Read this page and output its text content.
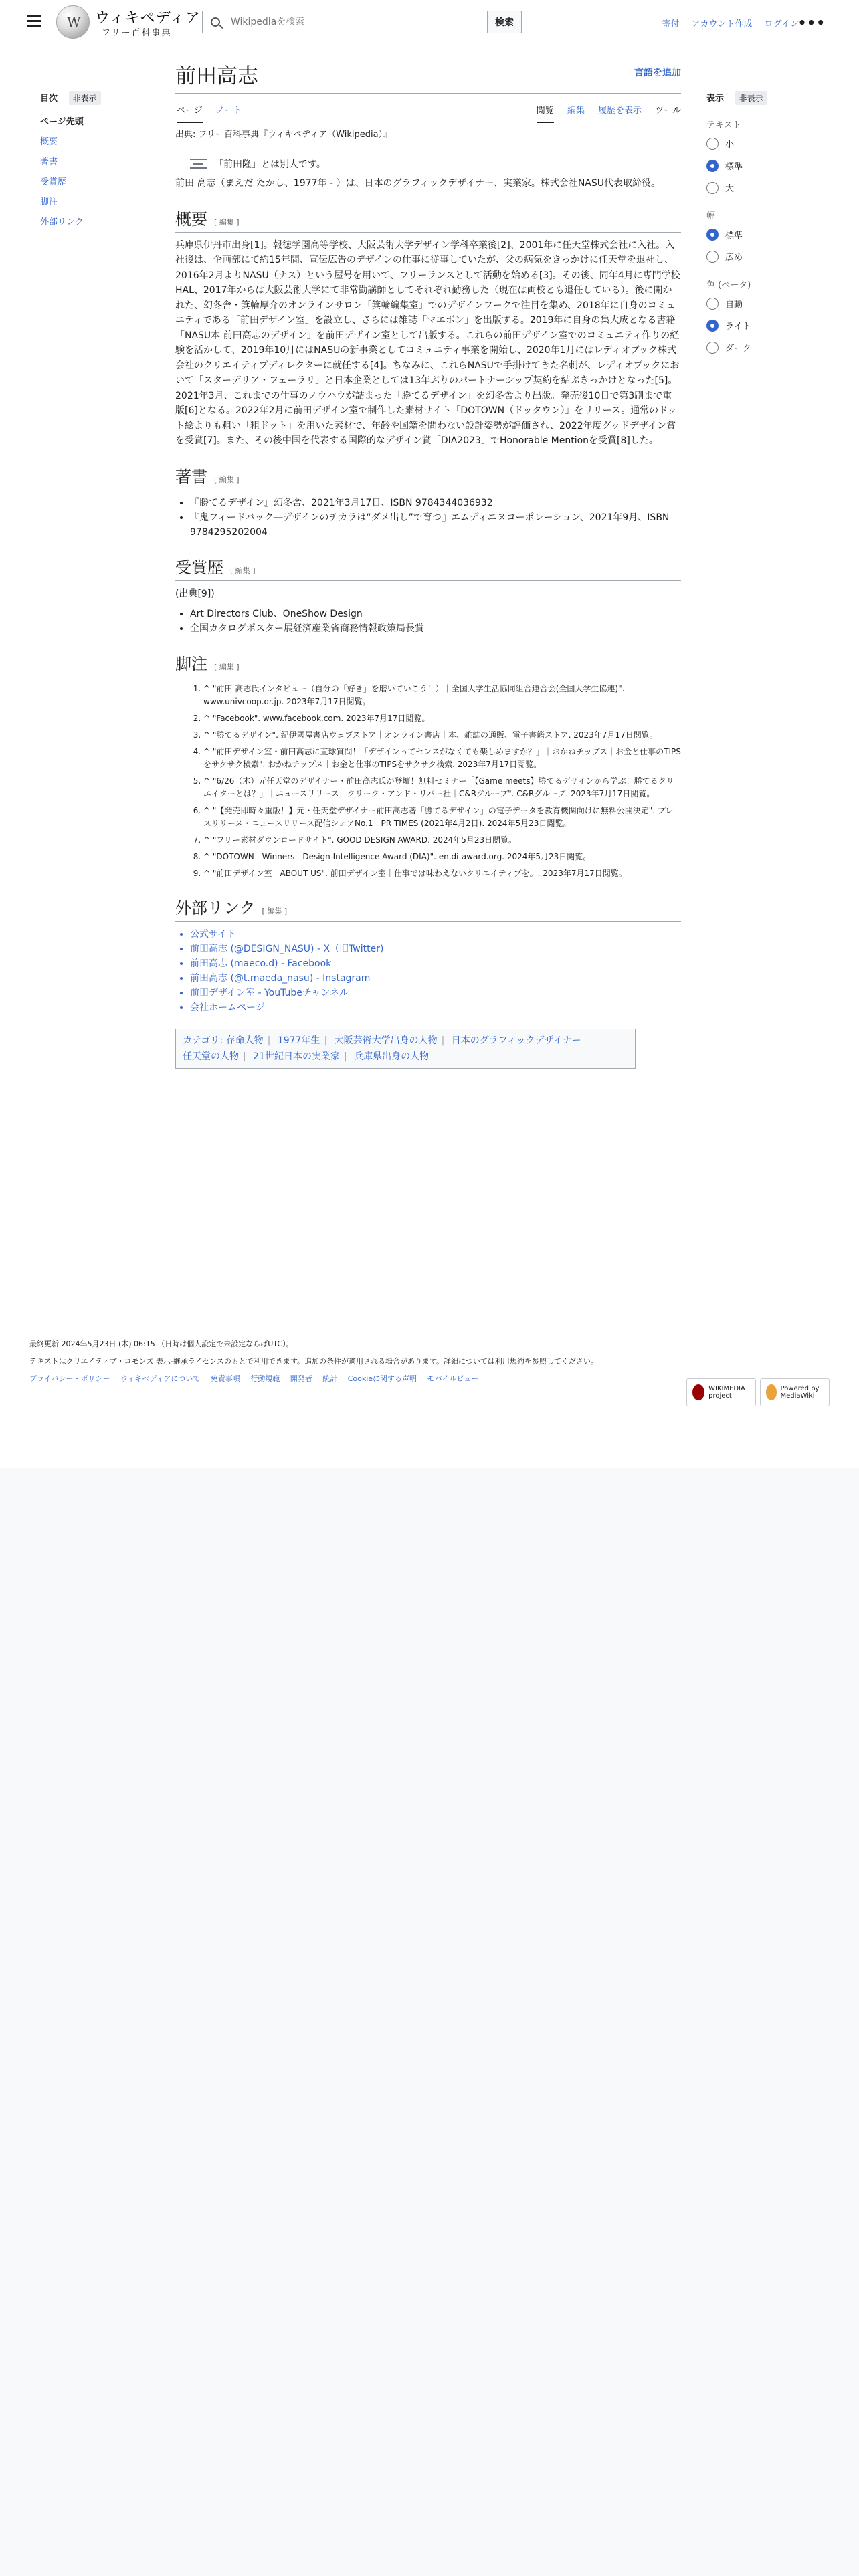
W
ウィキペディア
フリー百科事典
Wikipediaを検索
検索	寄付 アカウント作成 ログイン
•••
目次 非表示
ページ先頭
概要
著書
受賞歴
脚注
外部リンク
表示 非表示
テキスト
小
標準
大
幅
標準
広め
色 (ベータ)
自動
ライト
ダーク
前田高志	言語を追加
ページ ノート	閲覧 編集 履歴を表示 ツール
出典: フリー百科事典『ウィキペディア（Wikipedia）』
「前田隆」とは別人です。

前田 高志（まえだ たかし、1977年 - ）は、日本のグラフィックデザイナー、実業家。株式会社NASU代表取締役。

概要 [ 編集 ]

兵庫県伊丹市出身[1]。報徳学園高等学校、大阪芸術大学デザイン学科卒業後[2]、2001年に任天堂株式会社に入社。入社後は、企画部にて約15年間、宣伝広告のデザインの仕事に従事していたが、父の病気をきっかけに任天堂を退社し、2016年2月よりNASU（ナス）という屋号を用いて、フリーランスとして活動を始める[3]。その後、同年4月に専門学校HAL、2017年からは大阪芸術大学にて非常勤講師としてそれぞれ勤務した（現在は両校とも退任している）。後に開かれた、幻冬舎・箕輪厚介のオンラインサロン「箕輪編集室」でのデザインワークで注目を集め、2018年に自身のコミュニティである「前田デザイン室」を設立し、さらには雑誌「マエボン」を出版する。2019年に自身の集大成となる書籍「NASU本 前田高志のデザイン」を前田デザイン室として出版する。これらの前田デザイン室でのコミュニティ作りの経験を活かして、2019年10月にはNASUの新事業としてコミュニティ事業を開始し、2020年1月にはレディオブック株式会社のクリエイティブディレクターに就任する[4]。ちなみに、これらNASUで手掛けてきた名刺が、レディオブックにおいて「スターデリア・フェーラリ」と日本企業としては13年ぶりのパートナーシップ契約を結ぶきっかけとなった[5]。2021年3月、これまでの仕事のノウハウが詰まった「勝てるデザイン」を幻冬舎より出版。発売後10日で第3刷まで重版[6]となる。2022年2月に前田デザイン室で制作した素材サイト「DOTOWN（ドッタウン）」をリリース。通常のドット絵よりも粗い「粗ドット」を用いた素材で、年齢や国籍を問わない設計姿勢が評価され、2022年度グッドデザイン賞を受賞[7]。また、その後中国を代表する国際的なデザイン賞「DIA2023」でHonorable Mentionを受賞[8]した。

著書 [ 編集 ]
• 『勝てるデザイン』幻冬舎、2021年3月17日、ISBN 9784344036932
• 『鬼フィードバック―デザインのチカラは“ダメ出し”で育つ』エムディエヌコーポレーション、2021年9月、ISBN 9784295202004
受賞歴 [ 編集 ]

(出典[9])

• Art Directors Club、OneShow Design
• 全国カタログポスター展経済産業省商務情報政策局長賞
脚注 [ 編集 ]
1. ^ "前田 高志氏インタビュー（自分の「好き」を磨いていこう！）｜全国大学生活協同組合連合会(全国大学生協連)". www.univcoop.or.jp. 2023年7月17日閲覧。
2. ^ "Facebook". www.facebook.com. 2023年7月17日閲覧。
3. ^ "勝てるデザイン". 紀伊國屋書店ウェブストア｜オンライン書店｜本、雑誌の通販、電子書籍ストア. 2023年7月17日閲覧。
4. ^ "前田デザイン室・前田高志に直球質問！「デザインってセンスがなくても楽しめますか？」｜おかねチップス｜お金と仕事のTIPSをサクサク検索". おかねチップス｜お金と仕事のTIPSをサクサク検索. 2023年7月17日閲覧。
5. ^ "6/26（木）元任天堂のデザイナー・前田高志氏が登壇！無料セミナー「【Game meets】勝てるデザインから学ぶ！勝てるクリエイターとは？」｜ニュースリリース｜クリーク・アンド・リバー社｜C&Rグループ". C&Rグループ. 2023年7月17日閲覧。
6. ^ "【発売即時々重版！】元・任天堂デザイナー前田高志著「勝てるデザイン」の電子データを教育機関向けに無料公開決定". プレスリリース・ニュースリリース配信シェアNo.1｜PR TIMES (2021年4月2日). 2024年5月23日閲覧。
7. ^ "フリー素材ダウンロードサイト". GOOD DESIGN AWARD. 2024年5月23日閲覧。
8. ^ "DOTOWN - Winners - Design Intelligence Award (DIA)". en.di-award.org. 2024年5月23日閲覧。
9. ^ "前田デザイン室｜ABOUT US". 前田デザイン室｜仕事では味わえないクリエイティブを。. 2023年7月17日閲覧。
外部リンク [ 編集 ]
• 公式サイト
• 前田高志 (@DESIGN_NASU) - X（旧Twitter)
• 前田高志 (maeco.d) - Facebook
• 前田高志 (@t.maeda_nasu) - Instagram
• 前田デザイン室 - YouTubeチャンネル
• 会社ホームページ
カテゴリ: 存命人物 | 1977年生 | 大阪芸術大学出身の人物 | 日本のグラフィックデザイナー
任天堂の人物 | 21世紀日本の実業家 | 兵庫県出身の人物
最終更新 2024年5月23日 (木) 06:15 （日時は個人設定で未設定ならばUTC）。
テキストはクリエイティブ・コモンズ 表示-継承ライセンスのもとで利用できます。追加の条件が適用される場合があります。詳細については利用規約を参照してください。
プライバシー・ポリシー ウィキペディアについて 免責事項 行動規範 開発者 統計 Cookieに関する声明 モバイルビュー
WIKIMEDIA project
Powered by MediaWiki
